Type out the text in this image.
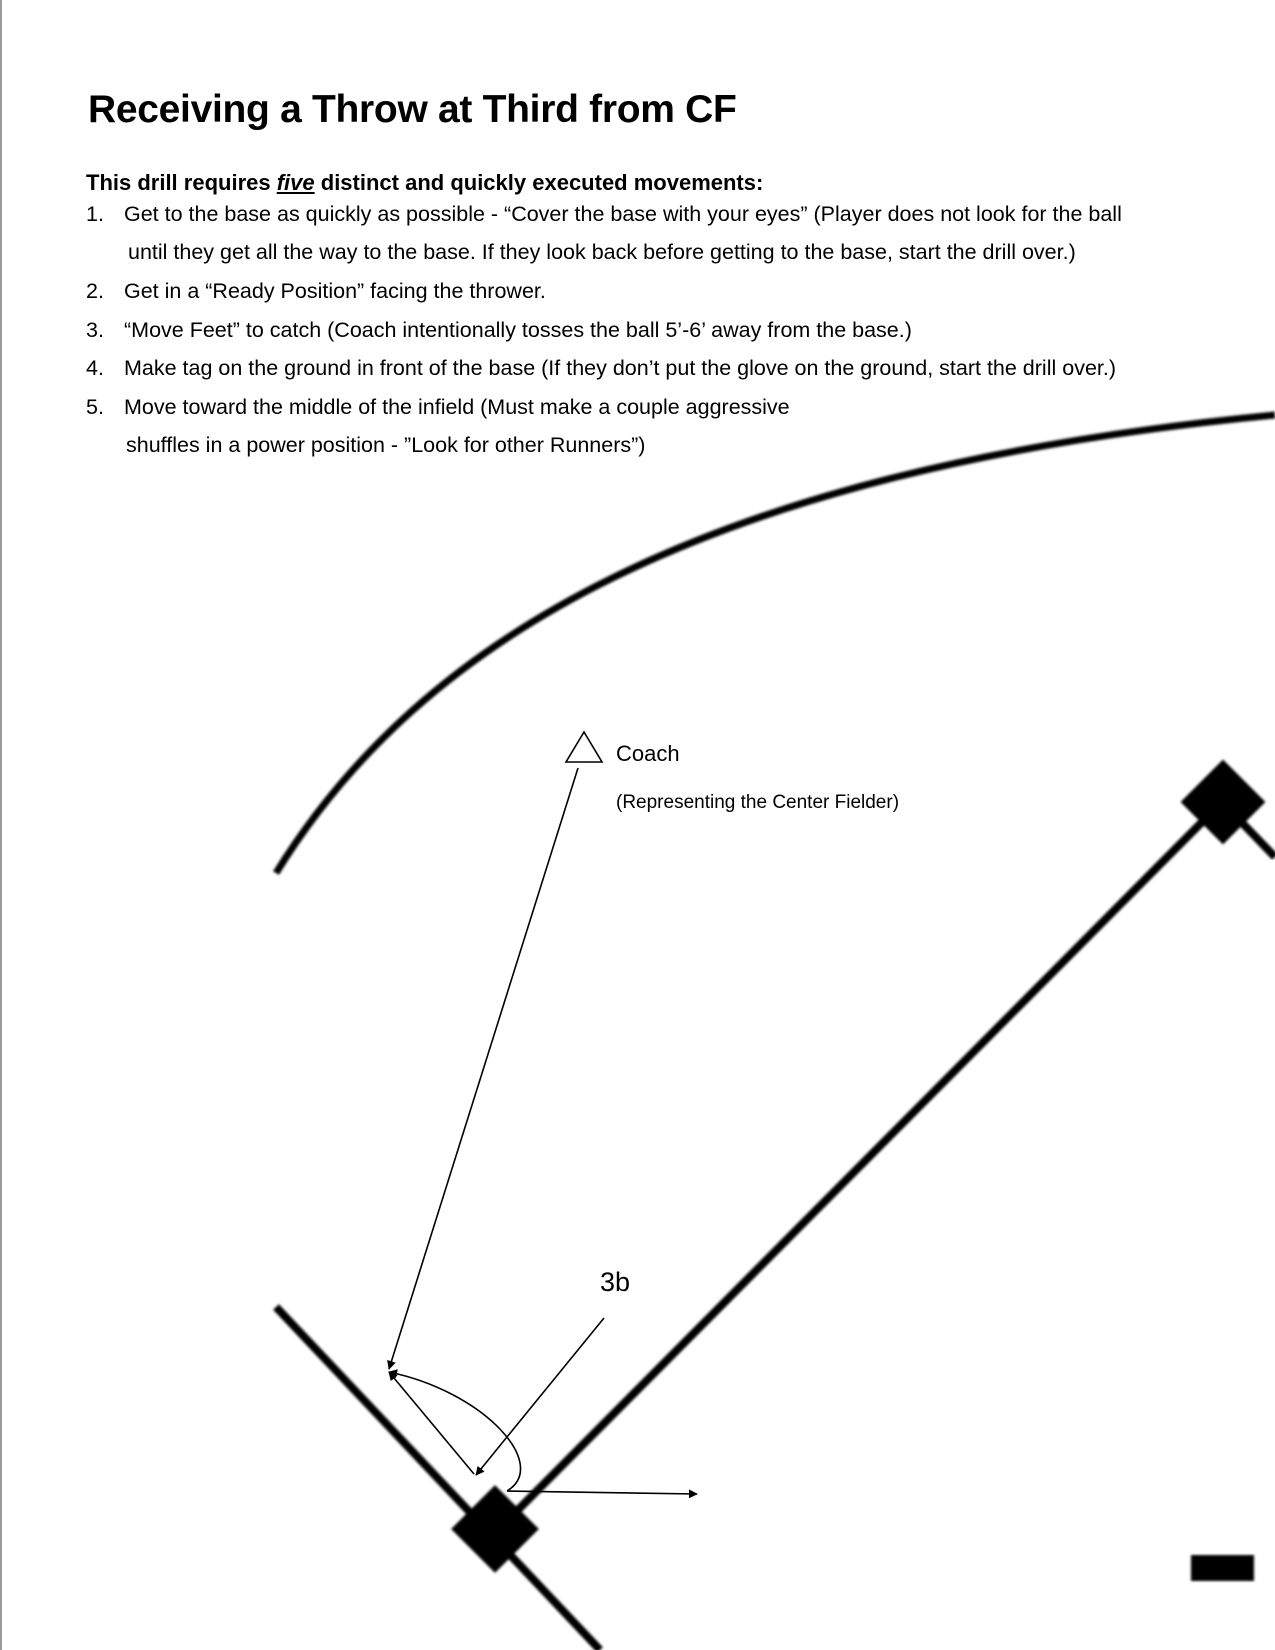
Receiving a Throw at Third from CF

This drill requires five distinct and quickly executed movements:

1. Get to the base as quickly as possible - “Cover the base with your eyes” (Player does not look for the ball
until they get all the way to the base. If they look back before getting to the base, start the drill over.)
2. Get in a “Ready Position” facing the thrower.
3. “Move Feet” to catch (Coach intentionally tosses the ball 5’-6’ away from the base.)
4. Make tag on the ground in front of the base (If they don’t put the glove on the ground, start the drill over.)
5. Move toward the middle of the infield (Must make a couple aggressive
shuffles in a power position - ”Look for other Runners”)
Coach
(Representing the Center Fielder)
3b
